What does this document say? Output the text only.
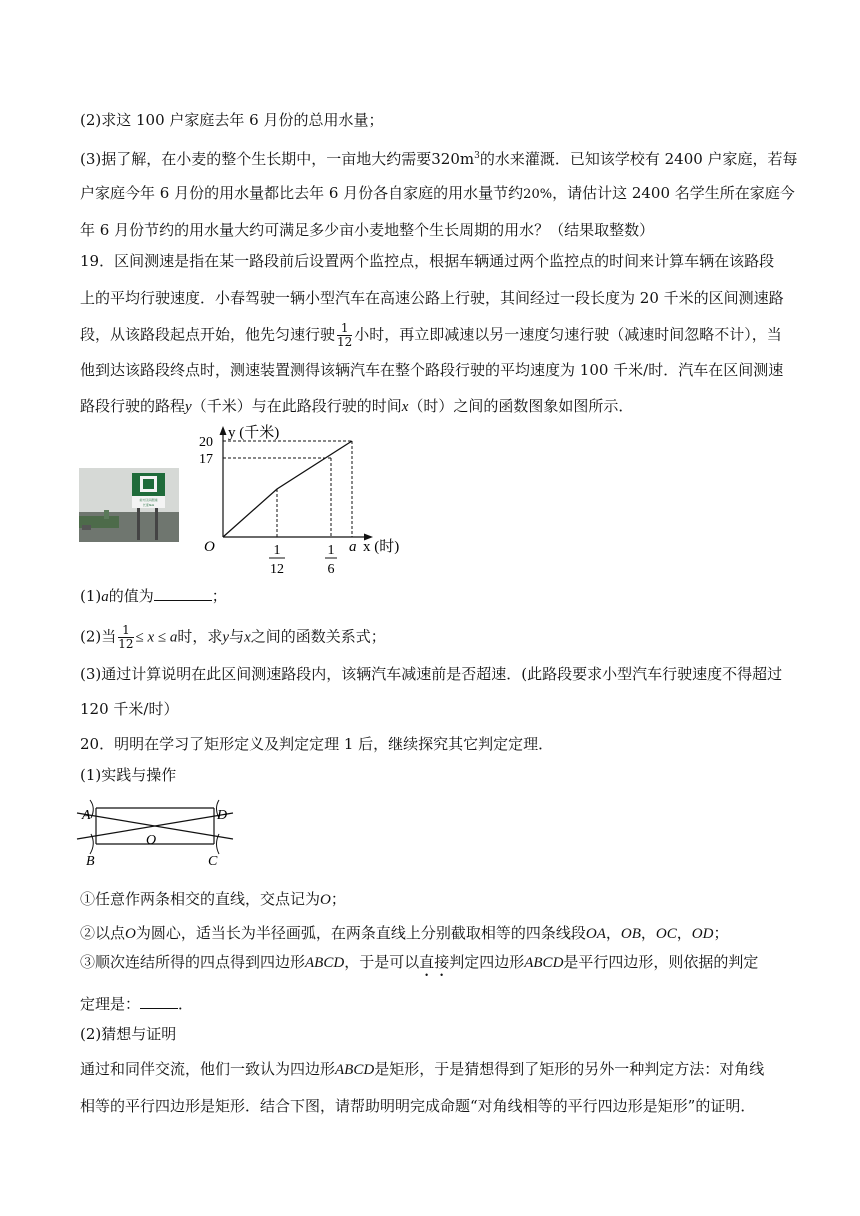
(2)求这 100 户家庭去年 6 月份的总用水量；
(3)据了解，在小麦的整个生长期中，一亩地大约需要$320m^3$的水来灌溉．已知该学校有 2400 户家庭，若每
户家庭今年 6 月份的用水量都比去年 6 月份各自家庭的用水量节约20%，请估计这 2400 名学生所在家庭今
年 6 月份节约的用水量大约可满足多少亩小麦地整个生长周期的用水？（结果取整数）
19．区间测速是指在某一路段前后设置两个监控点，根据车辆通过两个监控点的时间来计算车辆在该路段
上的平均行驶速度．小春驾驶一辆小型汽车在高速公路上行驶，其间经过一段长度为 20 千米的区间测速路
段，从该路段起点开始，他先匀速行驶 $\frac{1}{12}$ 小时，再立即减速以另一速度匀速行驶（减速时间忽略不计），当
他到达该路段终点时，测速装置测得该辆汽车在整个路段行驶的平均速度为 100 千米/时．汽车在区间测速
路段行驶的路程y（千米）与在此路段行驶的时间x（时）之间的函数图象如图所示．
前方区间测速
长度6km
y (千米)
20
17
O	1
12
1
6
a x (时)
(1)a的值为	；
(2)当 $\frac{1}{12} \le x \le a$时，求y与x之间的函数关系式；
(3)通过计算说明在此区间测速路段内，该辆汽车减速前是否超速．(此路段要求小型汽车行驶速度不得超过
120 千米/时）
20．明明在学习了矩形定义及判定定理 1 后，继续探究其它判定定理．
(1)实践与操作
A
B	C
D
O
①任意作两条相交的直线，交点记为O；
②以点O为圆心，适当长为半径画弧，在两条直线上分别截取相等的四条线段OA，OB，OC，OD；
③顺次连结所得的四点得到四边形ABCD，于是可以直接判定四边形ABCD是平行四边形，则依据的判定
定理是：	．
(2)猜想与证明
通过和同伴交流，他们一致认为四边形ABCD是矩形，于是猜想得到了矩形的另外一种判定方法：对角线
相等的平行四边形是矩形．结合下图，请帮助明明完成命题“对角线相等的平行四边形是矩形”的证明．
